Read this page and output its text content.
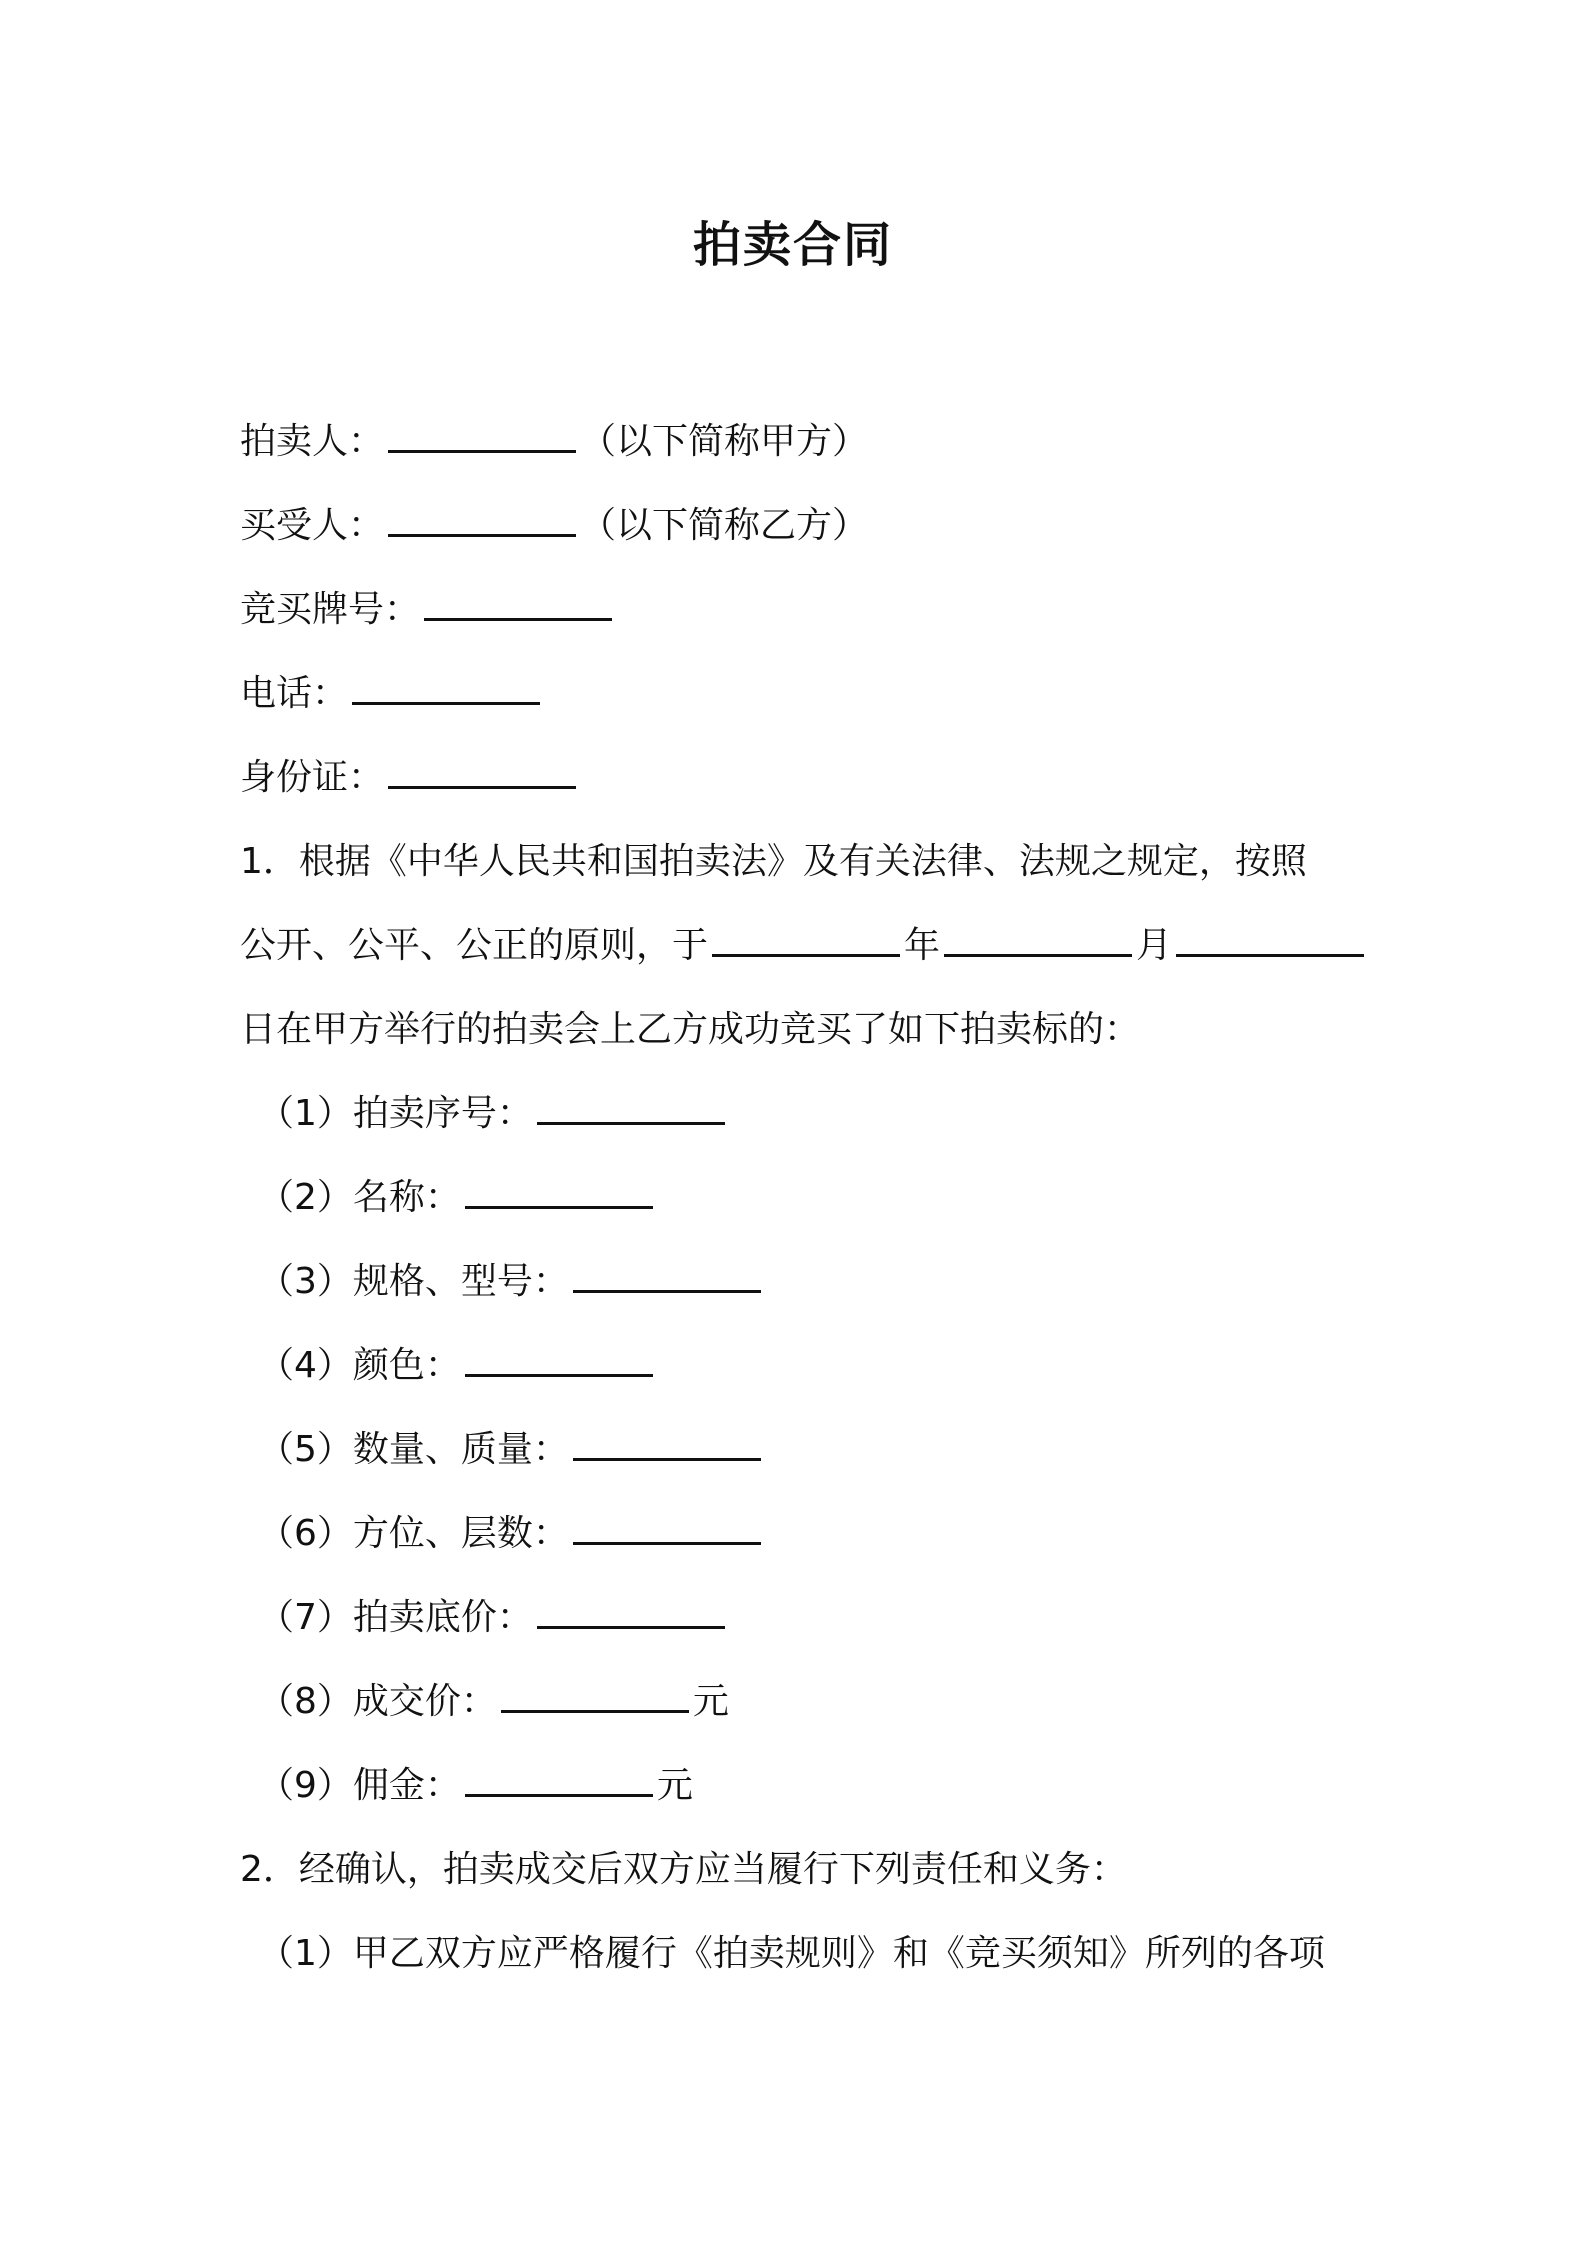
拍卖合同
拍卖人：	（以下简称甲方）
买受人：	（以下简称乙方）
竞买牌号：
电话：
身份证：
1．根据《中华人民共和国拍卖法》及有关法律、法规之规定，按照
公开、公平、公正的原则，于	年	月
日在甲方举行的拍卖会上乙方成功竞买了如下拍卖标的：
（1）拍卖序号：
（2）名称：
（3）规格、型号：
（4）颜色：
（5）数量、质量：
（6）方位、层数：
（7）拍卖底价：
（8）成交价：	元
（9）佣金：	元
2．经确认，拍卖成交后双方应当履行下列责任和义务：
（1）甲乙双方应严格履行《拍卖规则》和《竞买须知》所列的各项
